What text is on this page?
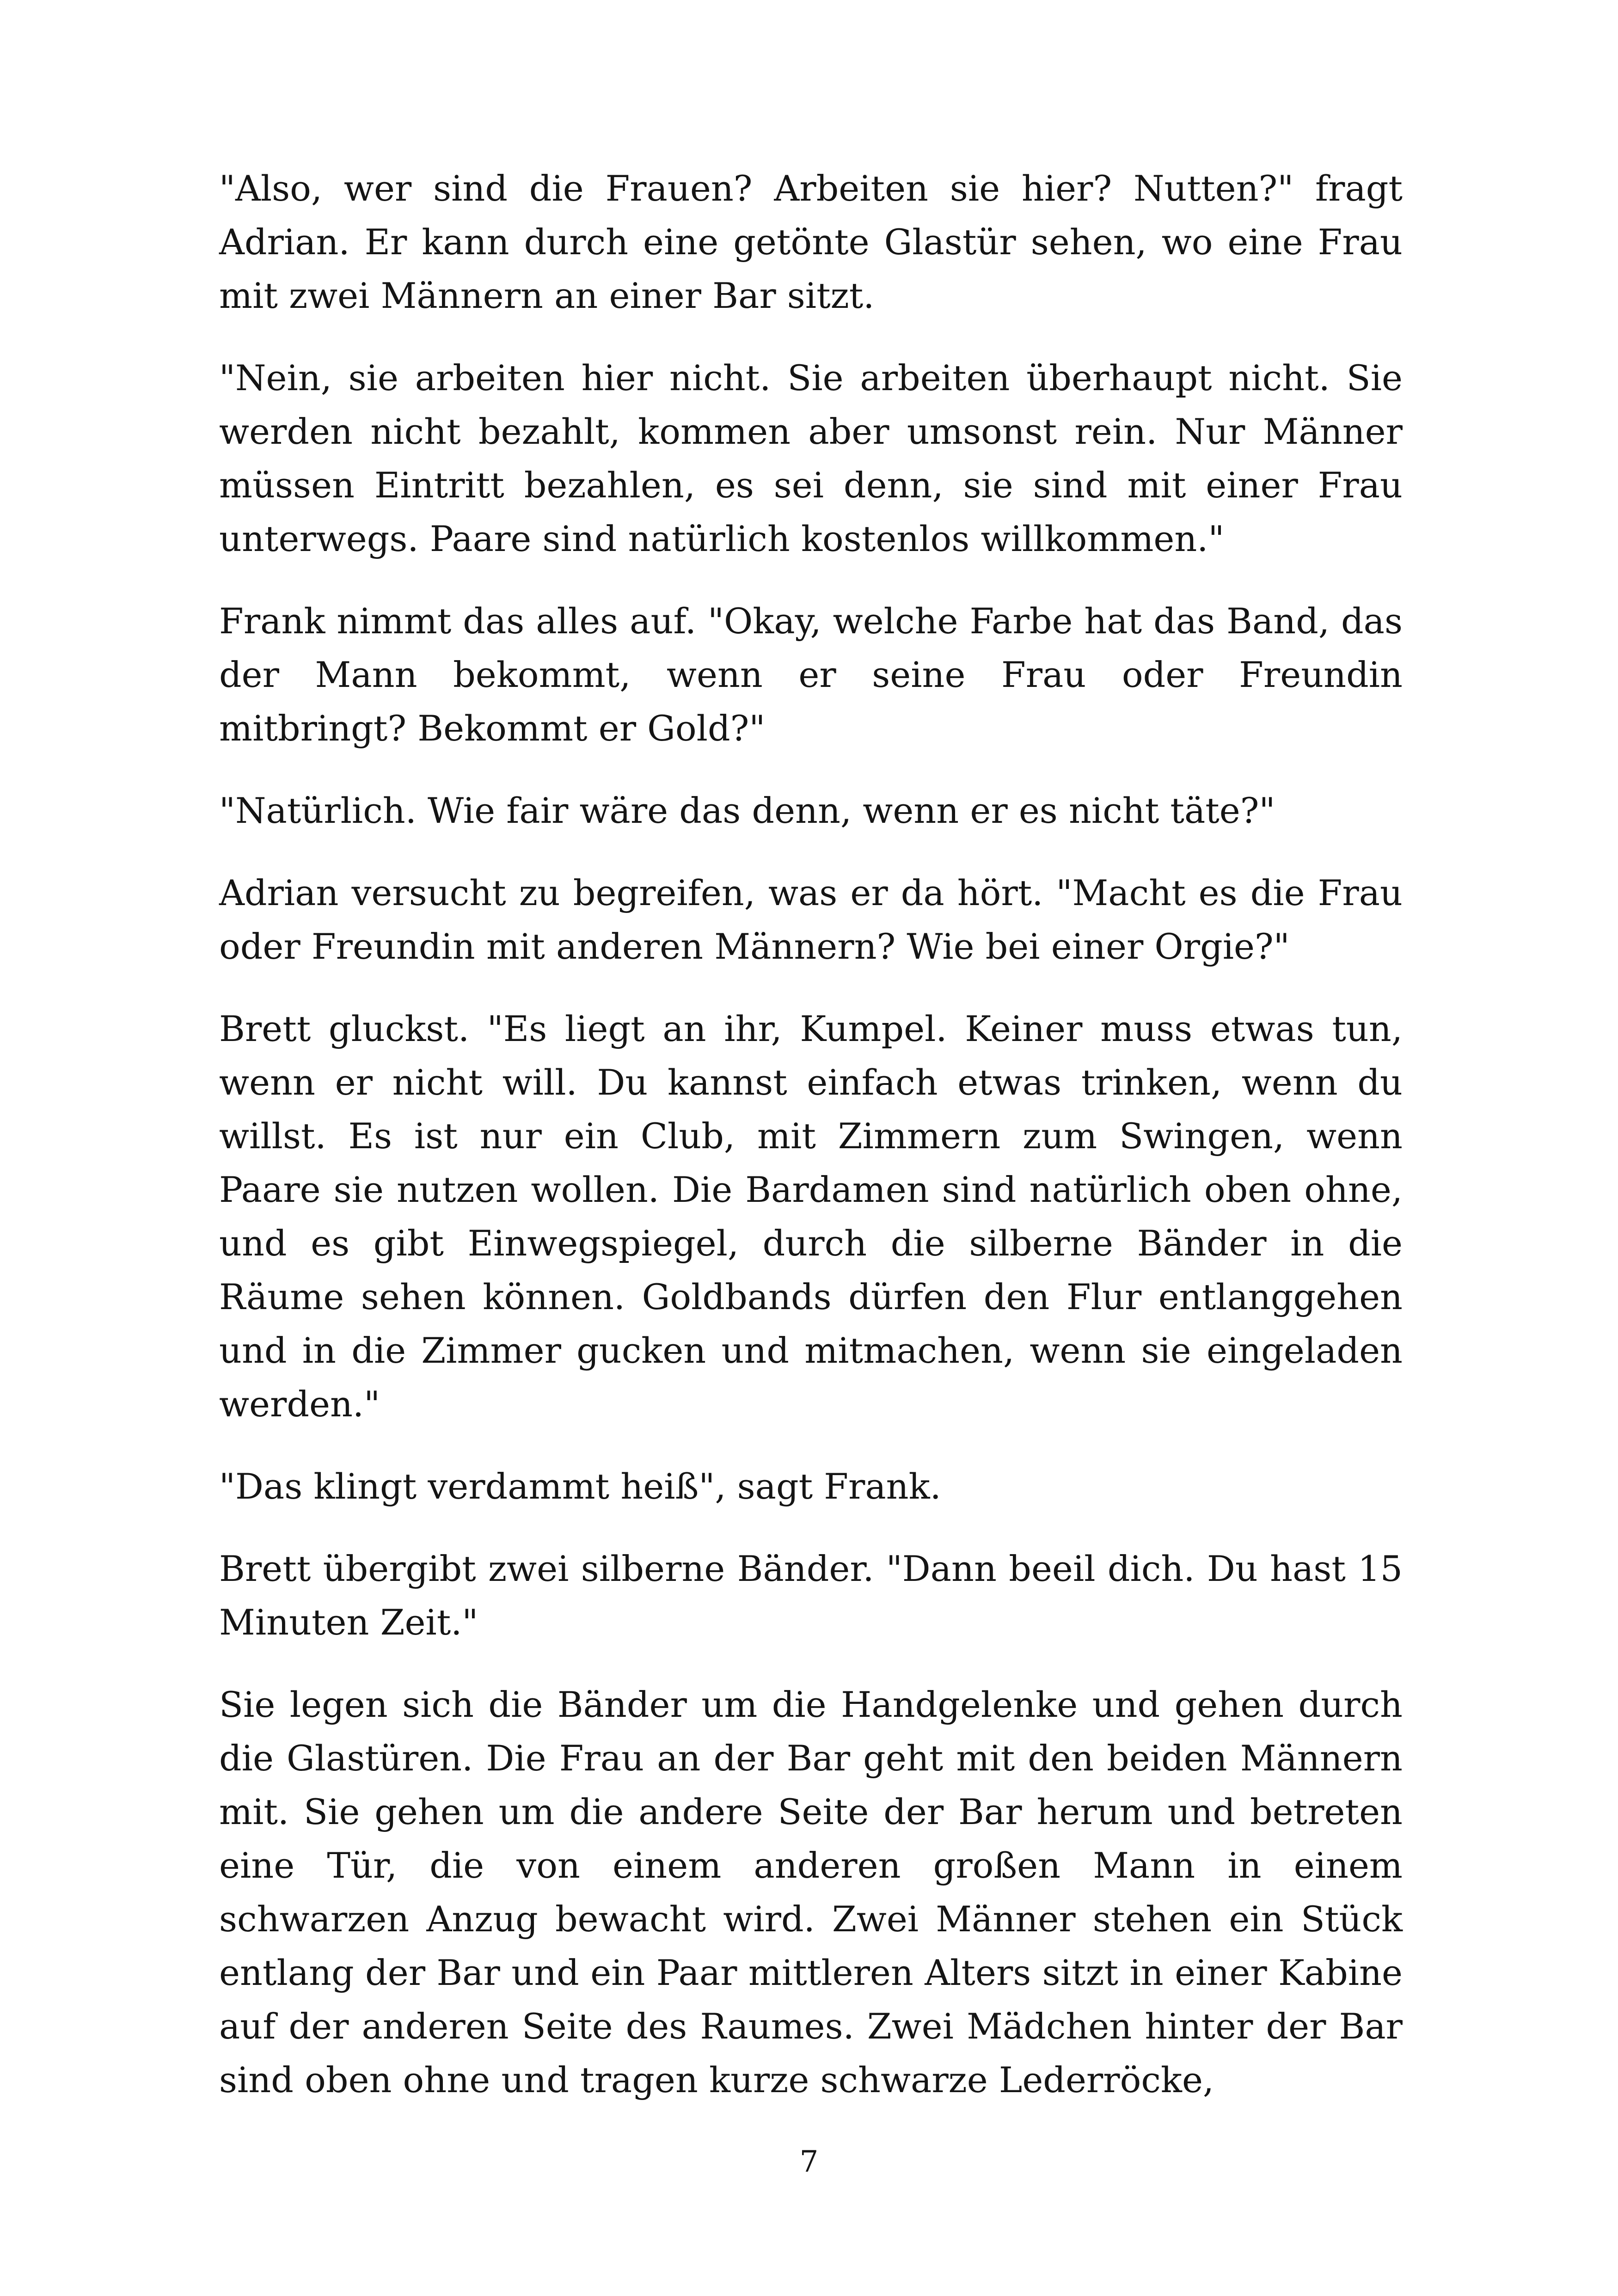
"Also, wer sind die Frauen? Arbeiten sie hier? Nutten?" fragt Adrian. Er kann durch eine getönte Glastür sehen, wo eine Frau mit zwei Männern an einer Bar sitzt.

"Nein, sie arbeiten hier nicht. Sie arbeiten überhaupt nicht. Sie werden nicht bezahlt, kommen aber umsonst rein. Nur Männer müssen Eintritt bezahlen, es sei denn, sie sind mit einer Frau unterwegs. Paare sind natürlich kostenlos willkommen."

Frank nimmt das alles auf. "Okay, welche Farbe hat das Band, das der Mann bekommt, wenn er seine Frau oder Freundin mitbringt? Bekommt er Gold?"

"Natürlich. Wie fair wäre das denn, wenn er es nicht täte?"

Adrian versucht zu begreifen, was er da hört. "Macht es die Frau oder Freundin mit anderen Männern? Wie bei einer Orgie?"

Brett gluckst. "Es liegt an ihr, Kumpel. Keiner muss etwas tun, wenn er nicht will. Du kannst einfach etwas trinken, wenn du willst. Es ist nur ein Club, mit Zimmern zum Swingen, wenn Paare sie nutzen wollen. Die Bardamen sind natürlich oben ohne, und es gibt Einwegspiegel, durch die silberne Bänder in die Räume sehen können. Goldbands dürfen den Flur entlanggehen und in die Zimmer gucken und mitmachen, wenn sie eingeladen werden."

"Das klingt verdammt heiß", sagt Frank.

Brett übergibt zwei silberne Bänder. "Dann beeil dich. Du hast 15 Minuten Zeit."

Sie legen sich die Bänder um die Handgelenke und gehen durch die Glastüren. Die Frau an der Bar geht mit den beiden Männern mit. Sie gehen um die andere Seite der Bar herum und betreten eine Tür, die von einem anderen großen Mann in einem schwarzen Anzug bewacht wird. Zwei Männer stehen ein Stück entlang der Bar und ein Paar mittleren Alters sitzt in einer Kabine auf der anderen Seite des Raumes. Zwei Mädchen hinter der Bar sind oben ohne und tragen kurze schwarze Lederröcke,

7
